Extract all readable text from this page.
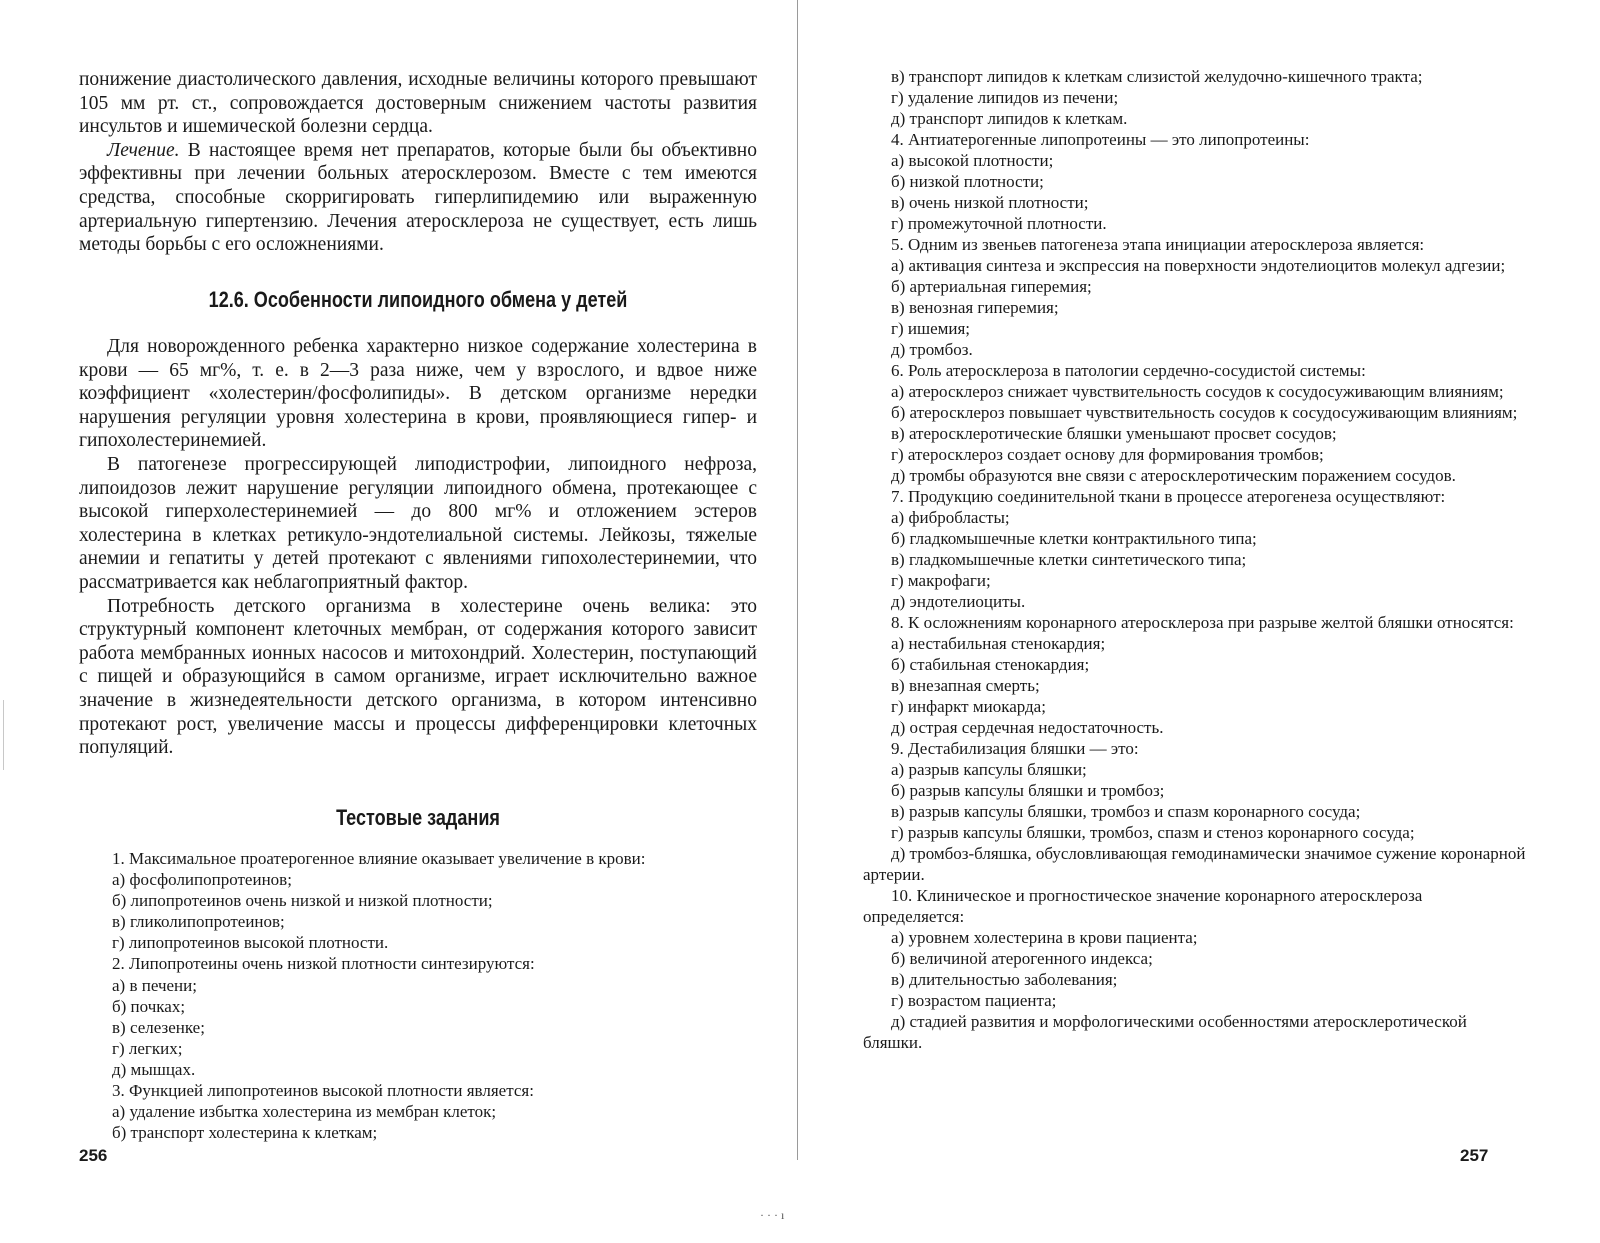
понижение диастолического давления, исходные величины которого превышают 105 мм рт. ст., сопровождается достоверным снижением частоты развития инсультов и ишемической болезни сердца.

Лечение. В настоящее время нет препаратов, которые были бы объективно эффективны при лечении больных атеросклерозом. Вместе с тем имеются средства, способные скорригировать гиперлипидемию или выраженную артериальную гипертензию. Лечения атеросклероза не существует, есть лишь методы борьбы с его осложнениями.

12.6. Особенности липоидного обмена у детей

Для новорожденного ребенка характерно низкое содержание холестерина в крови — 65 мг%, т. е. в 2—3 раза ниже, чем у взрослого, и вдвое ниже коэффициент «холестерин/фосфолипиды». В детском организме нередки нарушения регуляции уровня холестерина в крови, проявляющиеся гипер- и гипохолестеринемией.

В патогенезе прогрессирующей липодистрофии, липоидного нефроза, липоидозов лежит нарушение регуляции липоидного обмена, протекающее с высокой гиперхолестеринемией — до 800 мг% и отложением эстеров холестерина в клетках ретикуло-эндотелиальной системы. Лейкозы, тяжелые анемии и гепатиты у детей протекают с явлениями гипохолестеринемии, что рассматривается как неблагоприятный фактор.

Потребность детского организма в холестерине очень велика: это структурный компонент клеточных мембран, от содержания которого зависит работа мембранных ионных насосов и митохондрий. Холестерин, поступающий с пищей и образующийся в самом организме, играет исключительно важное значение в жизнедеятельности детского организма, в котором интенсивно протекают рост, увеличение массы и процессы дифференцировки клеточных популяций.

Тестовые задания

1. Максимальное проатерогенное влияние оказывает увеличение в крови:

а) фосфолипопротеинов;

б) липопротеинов очень низкой и низкой плотности;

в) гликолипопротеинов;

г) липопротеинов высокой плотности.

2. Липопротеины очень низкой плотности синтезируются:

а) в печени;

б) почках;

в) селезенке;

г) легких;

д) мышцах.

3. Функцией липопротеинов высокой плотности является:

а) удаление избытка холестерина из мембран клеток;

б) транспорт холестерина к клеткам;

256

в) транспорт липидов к клеткам слизистой желудочно-кишечного тракта;

г) удаление липидов из печени;

д) транспорт липидов к клеткам.

4. Антиатерогенные липопротеины — это липопротеины:

а) высокой плотности;

б) низкой плотности;

в) очень низкой плотности;

г) промежуточной плотности.

5. Одним из звеньев патогенеза этапа инициации атеросклероза является:

а) активация синтеза и экспрессия на поверхности эндотелиоцитов молекул адгезии;

б) артериальная гиперемия;

в) венозная гиперемия;

г) ишемия;

д) тромбоз.

6. Роль атеросклероза в патологии сердечно-сосудистой системы:

а) атеросклероз снижает чувствительность сосудов к сосудосуживающим влияниям;

б) атеросклероз повышает чувствительность сосудов к сосудосуживающим влияниям;

в) атеросклеротические бляшки уменьшают просвет сосудов;

г) атеросклероз создает основу для формирования тромбов;

д) тромбы образуются вне связи с атеросклеротическим поражением сосудов.

7. Продукцию соединительной ткани в процессе атерогенеза осуществляют:

а) фибробласты;

б) гладкомышечные клетки контрактильного типа;

в) гладкомышечные клетки синтетического типа;

г) макрофаги;

д) эндотелиоциты.

8. К осложнениям коронарного атеросклероза при разрыве желтой бляшки относятся:

а) нестабильная стенокардия;

б) стабильная стенокардия;

в) внезапная смерть;

г) инфаркт миокарда;

д) острая сердечная недостаточность.

9. Дестабилизация бляшки — это:

а) разрыв капсулы бляшки;

б) разрыв капсулы бляшки и тромбоз;

в) разрыв капсулы бляшки, тромбоз и спазм коронарного сосуда;

г) разрыв капсулы бляшки, тромбоз, спазм и стеноз коронарного сосуда;

д) тромбоз-бляшка, обусловливающая гемодинамически значимое сужение коронарной артерии.

10. Клиническое и прогностическое значение коронарного атеросклероза определяется:

а) уровнем холестерина в крови пациента;

б) величиной атерогенного индекса;

в) длительностью заболевания;

г) возрастом пациента;

д) стадией развития и морфологическими особенностями атеросклеротической бляшки.

257
· · · ı
